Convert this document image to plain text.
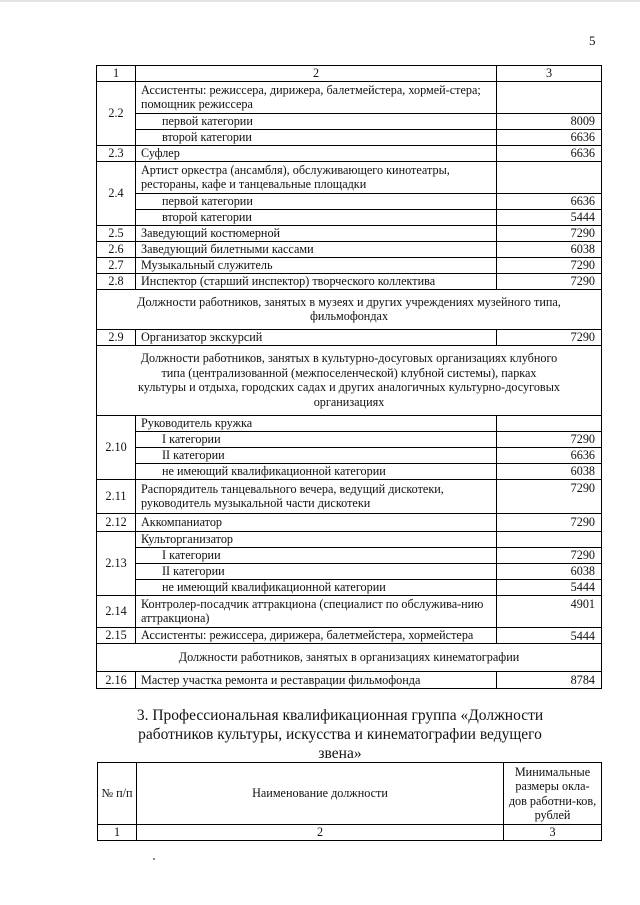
5
1	2	3
2.2	Ассистенты: режиссера, дирижера, балетмейстера, хормей-стера; помощник режиссера	
	первой категории	8009
	второй категории	6636
2.3	Суфлер	6636
2.4	Артист оркестра (ансамбля), обслуживающего кинотеатры, рестораны, кафе и танцевальные площадки	
	первой категории	6636
	второй категории	5444
2.5	Заведующий костюмерной	7290
2.6	Заведующий билетными кассами	6038
2.7	Музыкальный служитель	7290
2.8	Инспектор (старший инспектор) творческого коллектива	7290
Должности работников, занятых в музеях и других учреждениях музейного типа, фильмофондах		
2.9	Организатор экскурсий	7290
Должности работников, занятых в культурно-досуговых организациях клубного типа (централизованной (межпоселенческой) клубной системы), парках культуры и отдыха, городских садах и других аналогичных культурно-досуговых организациях		
2.10	Руководитель кружка	
	I категории	7290
	II категории	6636
	не имеющий квалификационной категории	6038
2.11	Распорядитель танцевального вечера, ведущий дискотеки, руководитель музыкальной части дискотеки	7290
2.12	Аккомпаниатор	7290
2.13	Культорганизатор	
	I категории	7290
	II категории	6038
	не имеющий квалификационной категории	5444
2.14	Контролер-посадчик аттракциона (специалист по обслужива-нию аттракциона)	4901
2.15	Ассистенты: режиссера, дирижера, балетмейстера, хормейстера	5444
Должности работников, занятых в организациях кинематографии		
2.16	Мастер участка ремонта и реставрации фильмофонда	8784
3. Профессиональная квалификационная группа «Должности работников культуры, искусства и кинематографии ведущего звена»
№ п/п	Наименование должности	Минимальные размеры окла-дов работни-ков, рублей
1	2	3
